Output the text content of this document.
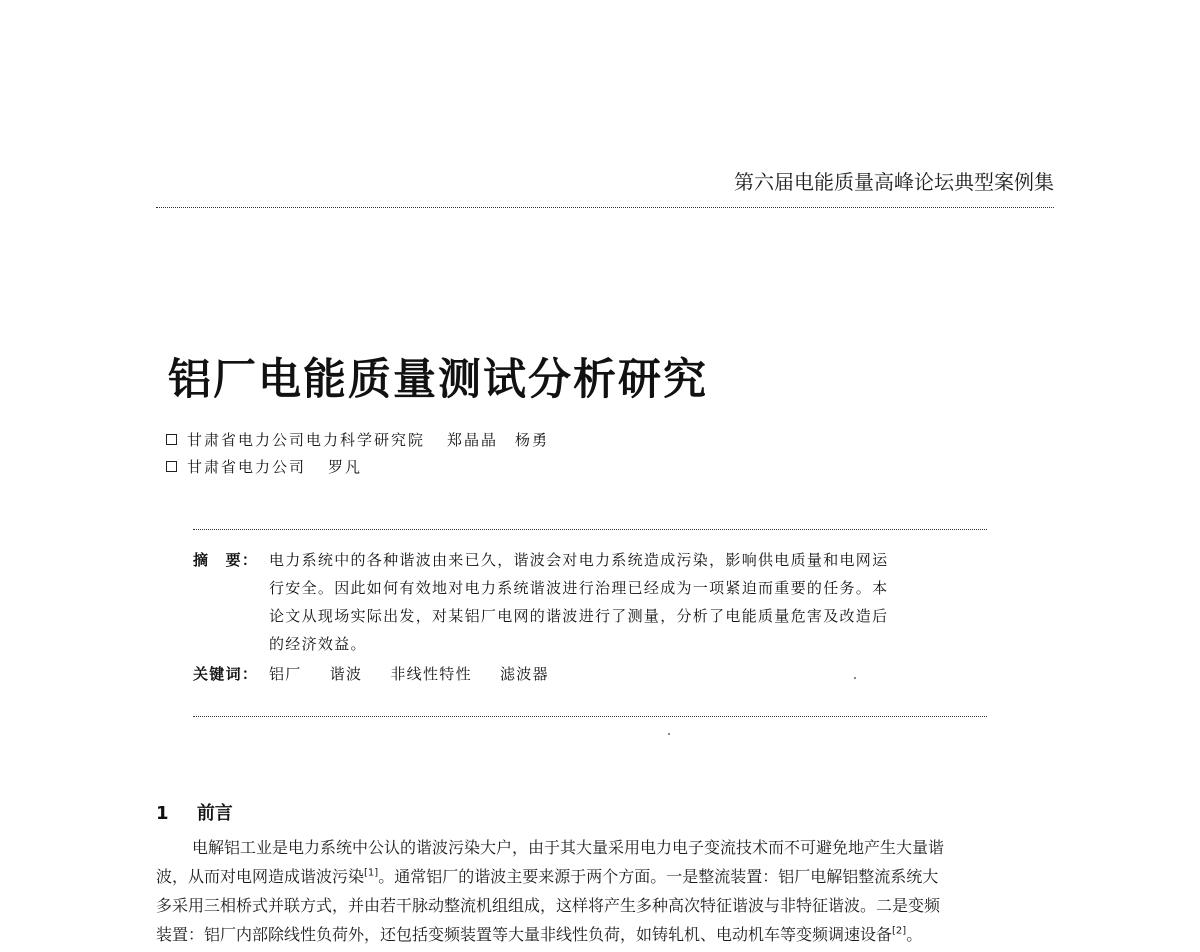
第六届电能质量高峰论坛典型案例集
铝厂电能质量测试分析研究
甘肃省电力公司电力科学研究院 郑晶晶　杨勇
甘肃省电力公司 罗凡
摘　要： 电力系统中的各种谐波由来已久，谐波会对电力系统造成污染，影响供电质量和电网运
行安全。因此如何有效地对电力系统谐波进行治理已经成为一项紧迫而重要的任务。本
论文从现场实际出发，对某铝厂电网的谐波进行了测量，分析了电能质量危害及改造后
的经济效益。
关键词： 铝厂 谐波 非线性特性 滤波器
1 前言
电解铝工业是电力系统中公认的谐波污染大户，由于其大量采用电力电子变流技术而不可避免地产生大量谐
波，从而对电网造成谐波污染[1]。通常铝厂的谐波主要来源于两个方面。一是整流装置：铝厂电解铝整流系统大
多采用三相桥式并联方式，并由若干脉动整流机组组成，这样将产生多种高次特征谐波与非特征谐波。二是变频
装置：铝厂内部除线性负荷外，还包括变频装置等大量非线性负荷，如铸轧机、电动机车等变频调速设备[2]。
